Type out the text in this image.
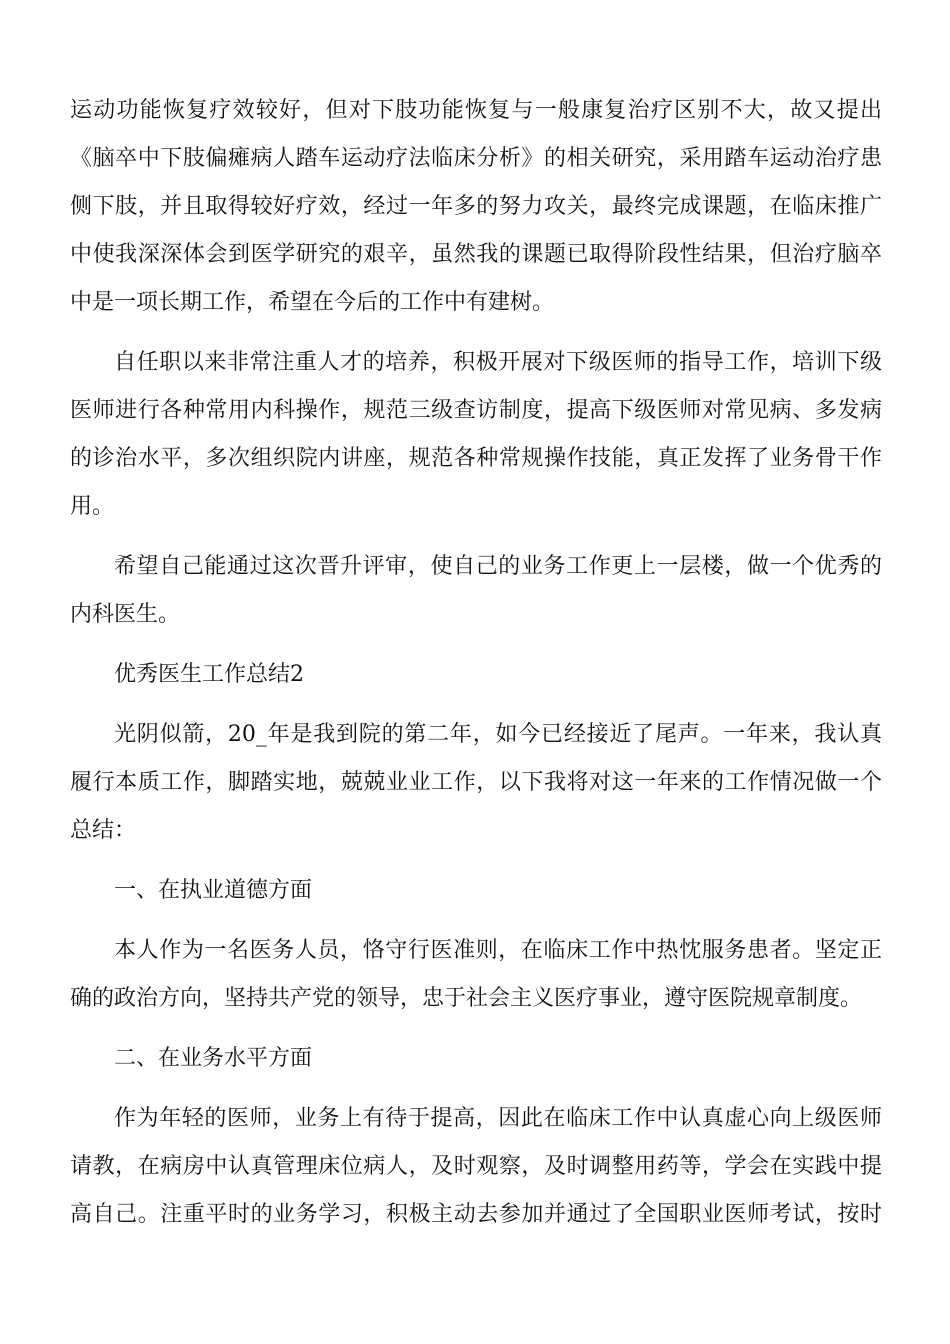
运动功能恢复疗效较好，但对下肢功能恢复与一般康复治疗区别不大，故又提出
《脑卒中下肢偏瘫病人踏车运动疗法临床分析》的相关研究，采用踏车运动治疗患
侧下肢，并且取得较好疗效，经过一年多的努力攻关，最终完成课题，在临床推广
中使我深深体会到医学研究的艰辛，虽然我的课题已取得阶段性结果，但治疗脑卒
中是一项长期工作，希望在今后的工作中有建树。
自任职以来非常注重人才的培养，积极开展对下级医师的指导工作，培训下级
医师进行各种常用内科操作，规范三级查访制度，提高下级医师对常见病、多发病
的诊治水平，多次组织院内讲座，规范各种常规操作技能，真正发挥了业务骨干作
用。
希望自己能通过这次晋升评审，使自己的业务工作更上一层楼，做一个优秀的
内科医生。
优秀医生工作总结2
光阴似箭，20_年是我到院的第二年，如今已经接近了尾声。一年来，我认真
履行本质工作，脚踏实地，兢兢业业工作，以下我将对这一年来的工作情况做一个
总结：
一、在执业道德方面
本人作为一名医务人员，恪守行医准则，在临床工作中热忱服务患者。坚定正
确的政治方向，坚持共产党的领导，忠于社会主义医疗事业，遵守医院规章制度。
二、在业务水平方面
作为年轻的医师，业务上有待于提高，因此在临床工作中认真虚心向上级医师
请教，在病房中认真管理床位病人，及时观察，及时调整用药等，学会在实践中提
高自己。注重平时的业务学习，积极主动去参加并通过了全国职业医师考试，按时
